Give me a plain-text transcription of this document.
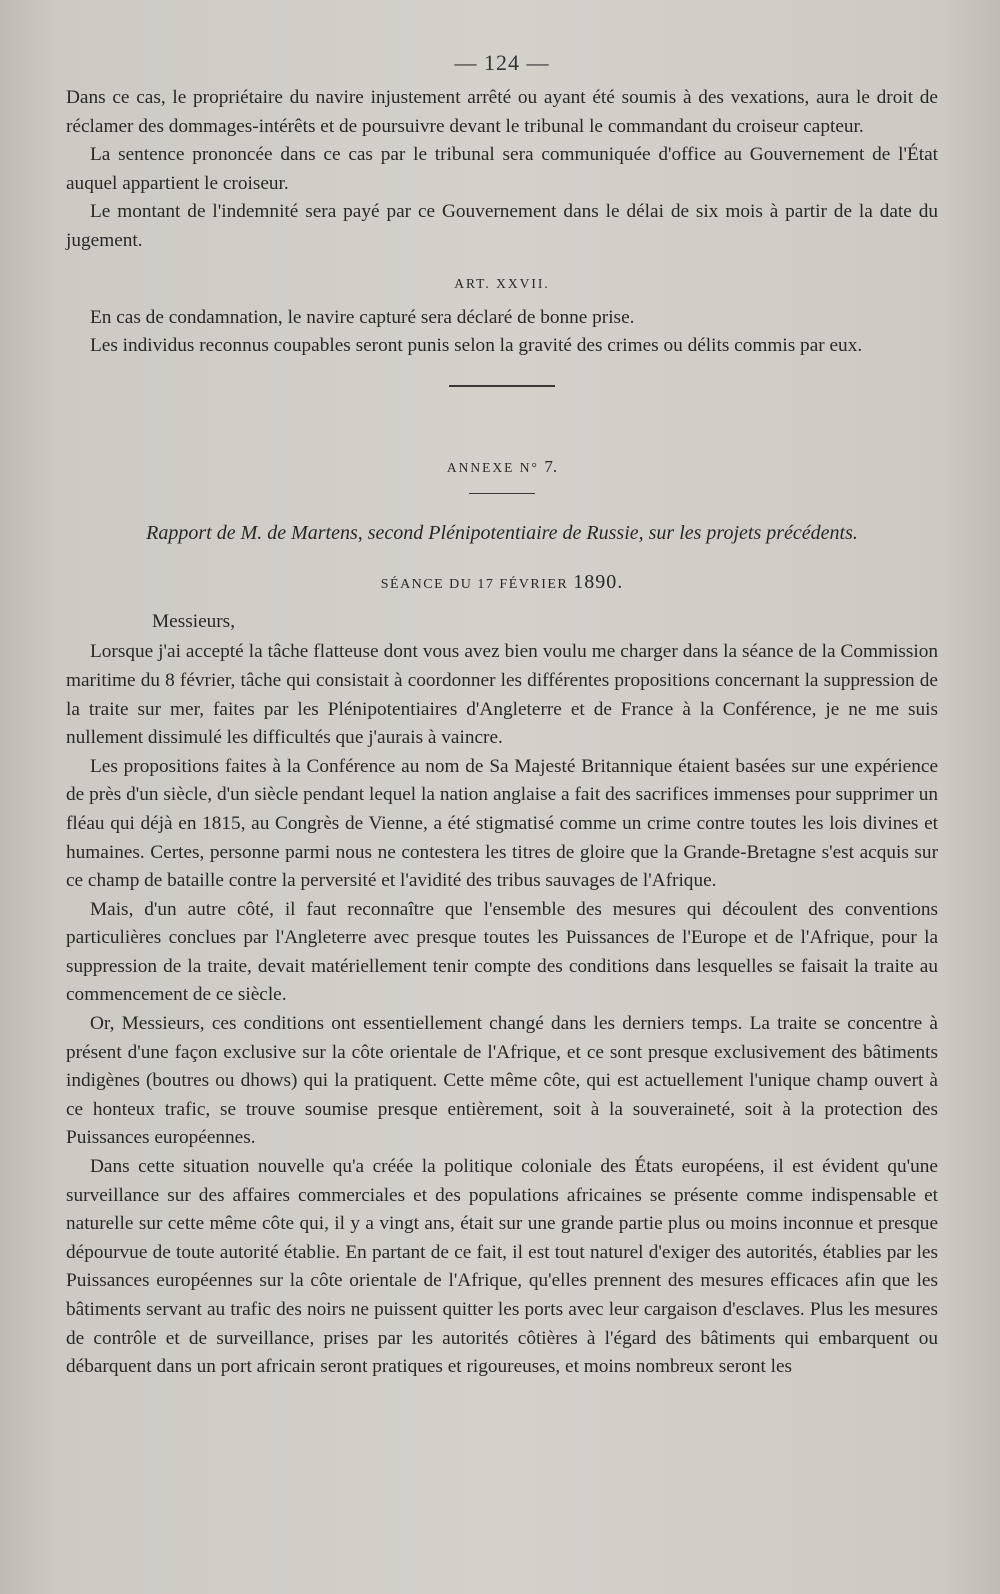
— 124 —

Dans ce cas, le propriétaire du navire injustement arrêté ou ayant été soumis à des vexations, aura le droit de réclamer des dommages-intérêts et de poursuivre devant le tribunal le commandant du croiseur capteur.

La sentence prononcée dans ce cas par le tribunal sera communiquée d'office au Gouvernement de l'État auquel appartient le croiseur.

Le montant de l'indemnité sera payé par ce Gouvernement dans le délai de six mois à partir de la date du jugement.

ART. XXVII.

En cas de condamnation, le navire capturé sera déclaré de bonne prise.

Les individus reconnus coupables seront punis selon la gravité des crimes ou délits commis par eux.

ANNEXE N° 7.
Rapport de M. de Martens, second Plénipotentiaire de Russie, sur les projets précédents.
SÉANCE DU 17 FÉVRIER 1890.

Messieurs,

Lorsque j'ai accepté la tâche flatteuse dont vous avez bien voulu me charger dans la séance de la Commission maritime du 8 février, tâche qui consistait à coordonner les différentes propositions concernant la suppression de la traite sur mer, faites par les Plénipotentiaires d'Angleterre et de France à la Conférence, je ne me suis nullement dissimulé les difficultés que j'aurais à vaincre.

Les propositions faites à la Conférence au nom de Sa Majesté Britannique étaient basées sur une expérience de près d'un siècle, d'un siècle pendant lequel la nation anglaise a fait des sacrifices immenses pour supprimer un fléau qui déjà en 1815, au Congrès de Vienne, a été stigmatisé comme un crime contre toutes les lois divines et humaines. Certes, personne parmi nous ne contestera les titres de gloire que la Grande-Bretagne s'est acquis sur ce champ de bataille contre la perversité et l'avidité des tribus sauvages de l'Afrique.

Mais, d'un autre côté, il faut reconnaître que l'ensemble des mesures qui découlent des conventions particulières conclues par l'Angleterre avec presque toutes les Puissances de l'Europe et de l'Afrique, pour la suppression de la traite, devait matériellement tenir compte des conditions dans lesquelles se faisait la traite au commencement de ce siècle.

Or, Messieurs, ces conditions ont essentiellement changé dans les derniers temps. La traite se concentre à présent d'une façon exclusive sur la côte orientale de l'Afrique, et ce sont presque exclusivement des bâtiments indigènes (boutres ou dhows) qui la pratiquent. Cette même côte, qui est actuellement l'unique champ ouvert à ce honteux trafic, se trouve soumise presque entièrement, soit à la souveraineté, soit à la protection des Puissances européennes.

Dans cette situation nouvelle qu'a créée la politique coloniale des États européens, il est évident qu'une surveillance sur des affaires commerciales et des populations africaines se présente comme indispensable et naturelle sur cette même côte qui, il y a vingt ans, était sur une grande partie plus ou moins inconnue et presque dépourvue de toute autorité établie. En partant de ce fait, il est tout naturel d'exiger des autorités, établies par les Puissances européennes sur la côte orientale de l'Afrique, qu'elles prennent des mesures efficaces afin que les bâtiments servant au trafic des noirs ne puissent quitter les ports avec leur cargaison d'esclaves. Plus les mesures de contrôle et de surveillance, prises par les autorités côtières à l'égard des bâtiments qui embarquent ou débarquent dans un port africain seront pratiques et rigoureuses, et moins nombreux seront les
